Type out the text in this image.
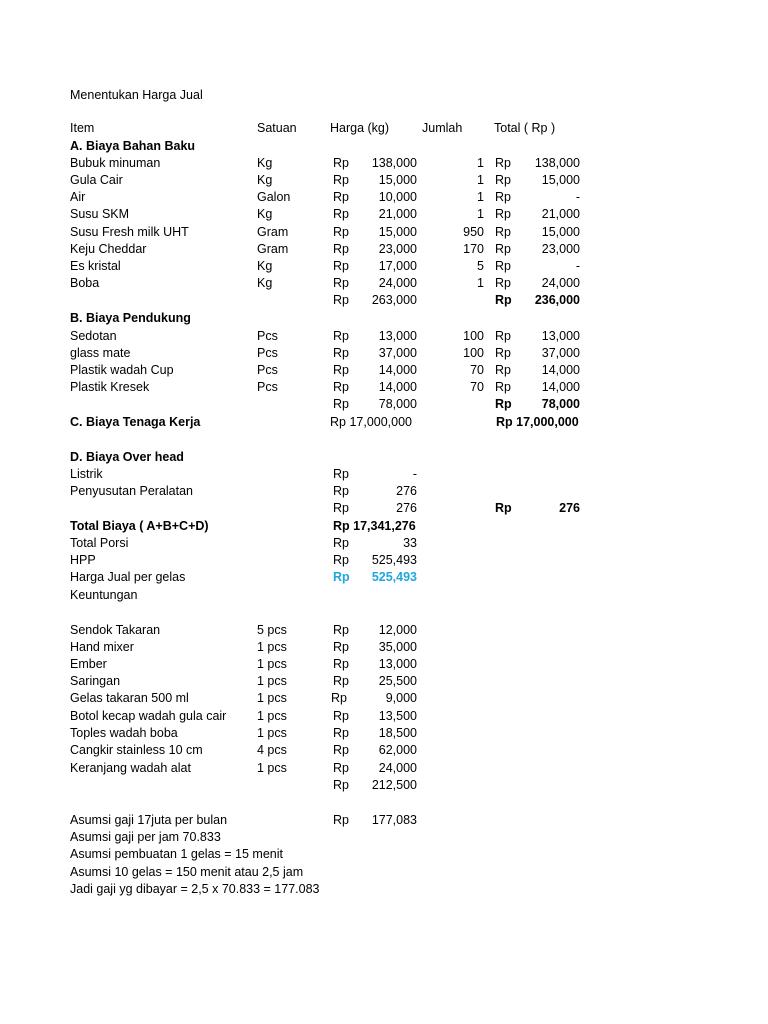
Menentukan Harga Jual
Item	Satuan	Harga (kg)	Jumlah	Total ( Rp )
A. Biaya Bahan Baku
Bubuk minuman	Kg	Rp 138,000	1 Rp 138,000
Gula Cair	Kg	Rp 15,000	1 Rp 15,000
Air	Galon	Rp 10,000	1 Rp	-
Susu SKM	Kg	Rp 21,000	1 Rp 21,000
Susu Fresh milk UHT	Gram	Rp 15,000	950 Rp 15,000
Keju Cheddar	Gram	Rp 23,000	170 Rp 23,000
Es kristal	Kg	Rp 17,000	5 Rp	-
Boba	Kg	Rp 24,000	1 Rp 24,000
Rp 263,000	Rp 236,000
B. Biaya Pendukung
Sedotan	Pcs	Rp 13,000	100 Rp 13,000
glass mate	Pcs	Rp 37,000	100 Rp 37,000
Plastik wadah Cup	Pcs	Rp 14,000	70 Rp 14,000
Plastik Kresek	Pcs	Rp 14,000	70 Rp 14,000
Rp 78,000	Rp 78,000
C. Biaya Tenaga Kerja	Rp 17,000,000	Rp 17,000,000
D. Biaya Over head
Listrik	Rp	-
Penyusutan Peralatan	Rp	276
Rp	276	Rp	276
Total Biaya ( A+B+C+D)	Rp 17,341,276
Total Porsi	Rp	33
HPP	Rp 525,493
Harga Jual per gelas	Rp 525,493
Keuntungan
Sendok Takaran	5 pcs	Rp 12,000
Hand mixer	1 pcs	Rp 35,000
Ember	1 pcs	Rp 13,000
Saringan	1 pcs	Rp 25,500
Gelas takaran 500 ml	1 pcs	Rp	9,000
Botol kecap wadah gula cair 1 pcs	Rp 13,500
Toples wadah boba	1 pcs	Rp 18,500
Cangkir stainless 10 cm	4 pcs	Rp 62,000
Keranjang wadah alat	1 pcs	Rp 24,000
Rp 212,500
Asumsi gaji 17juta per bulan	Rp 177,083
Asumsi gaji per jam 70.833
Asumsi pembuatan 1 gelas = 15 menit
Asumsi 10 gelas = 150 menit atau 2,5 jam
Jadi gaji yg dibayar = 2,5 x 70.833 = 177.083
